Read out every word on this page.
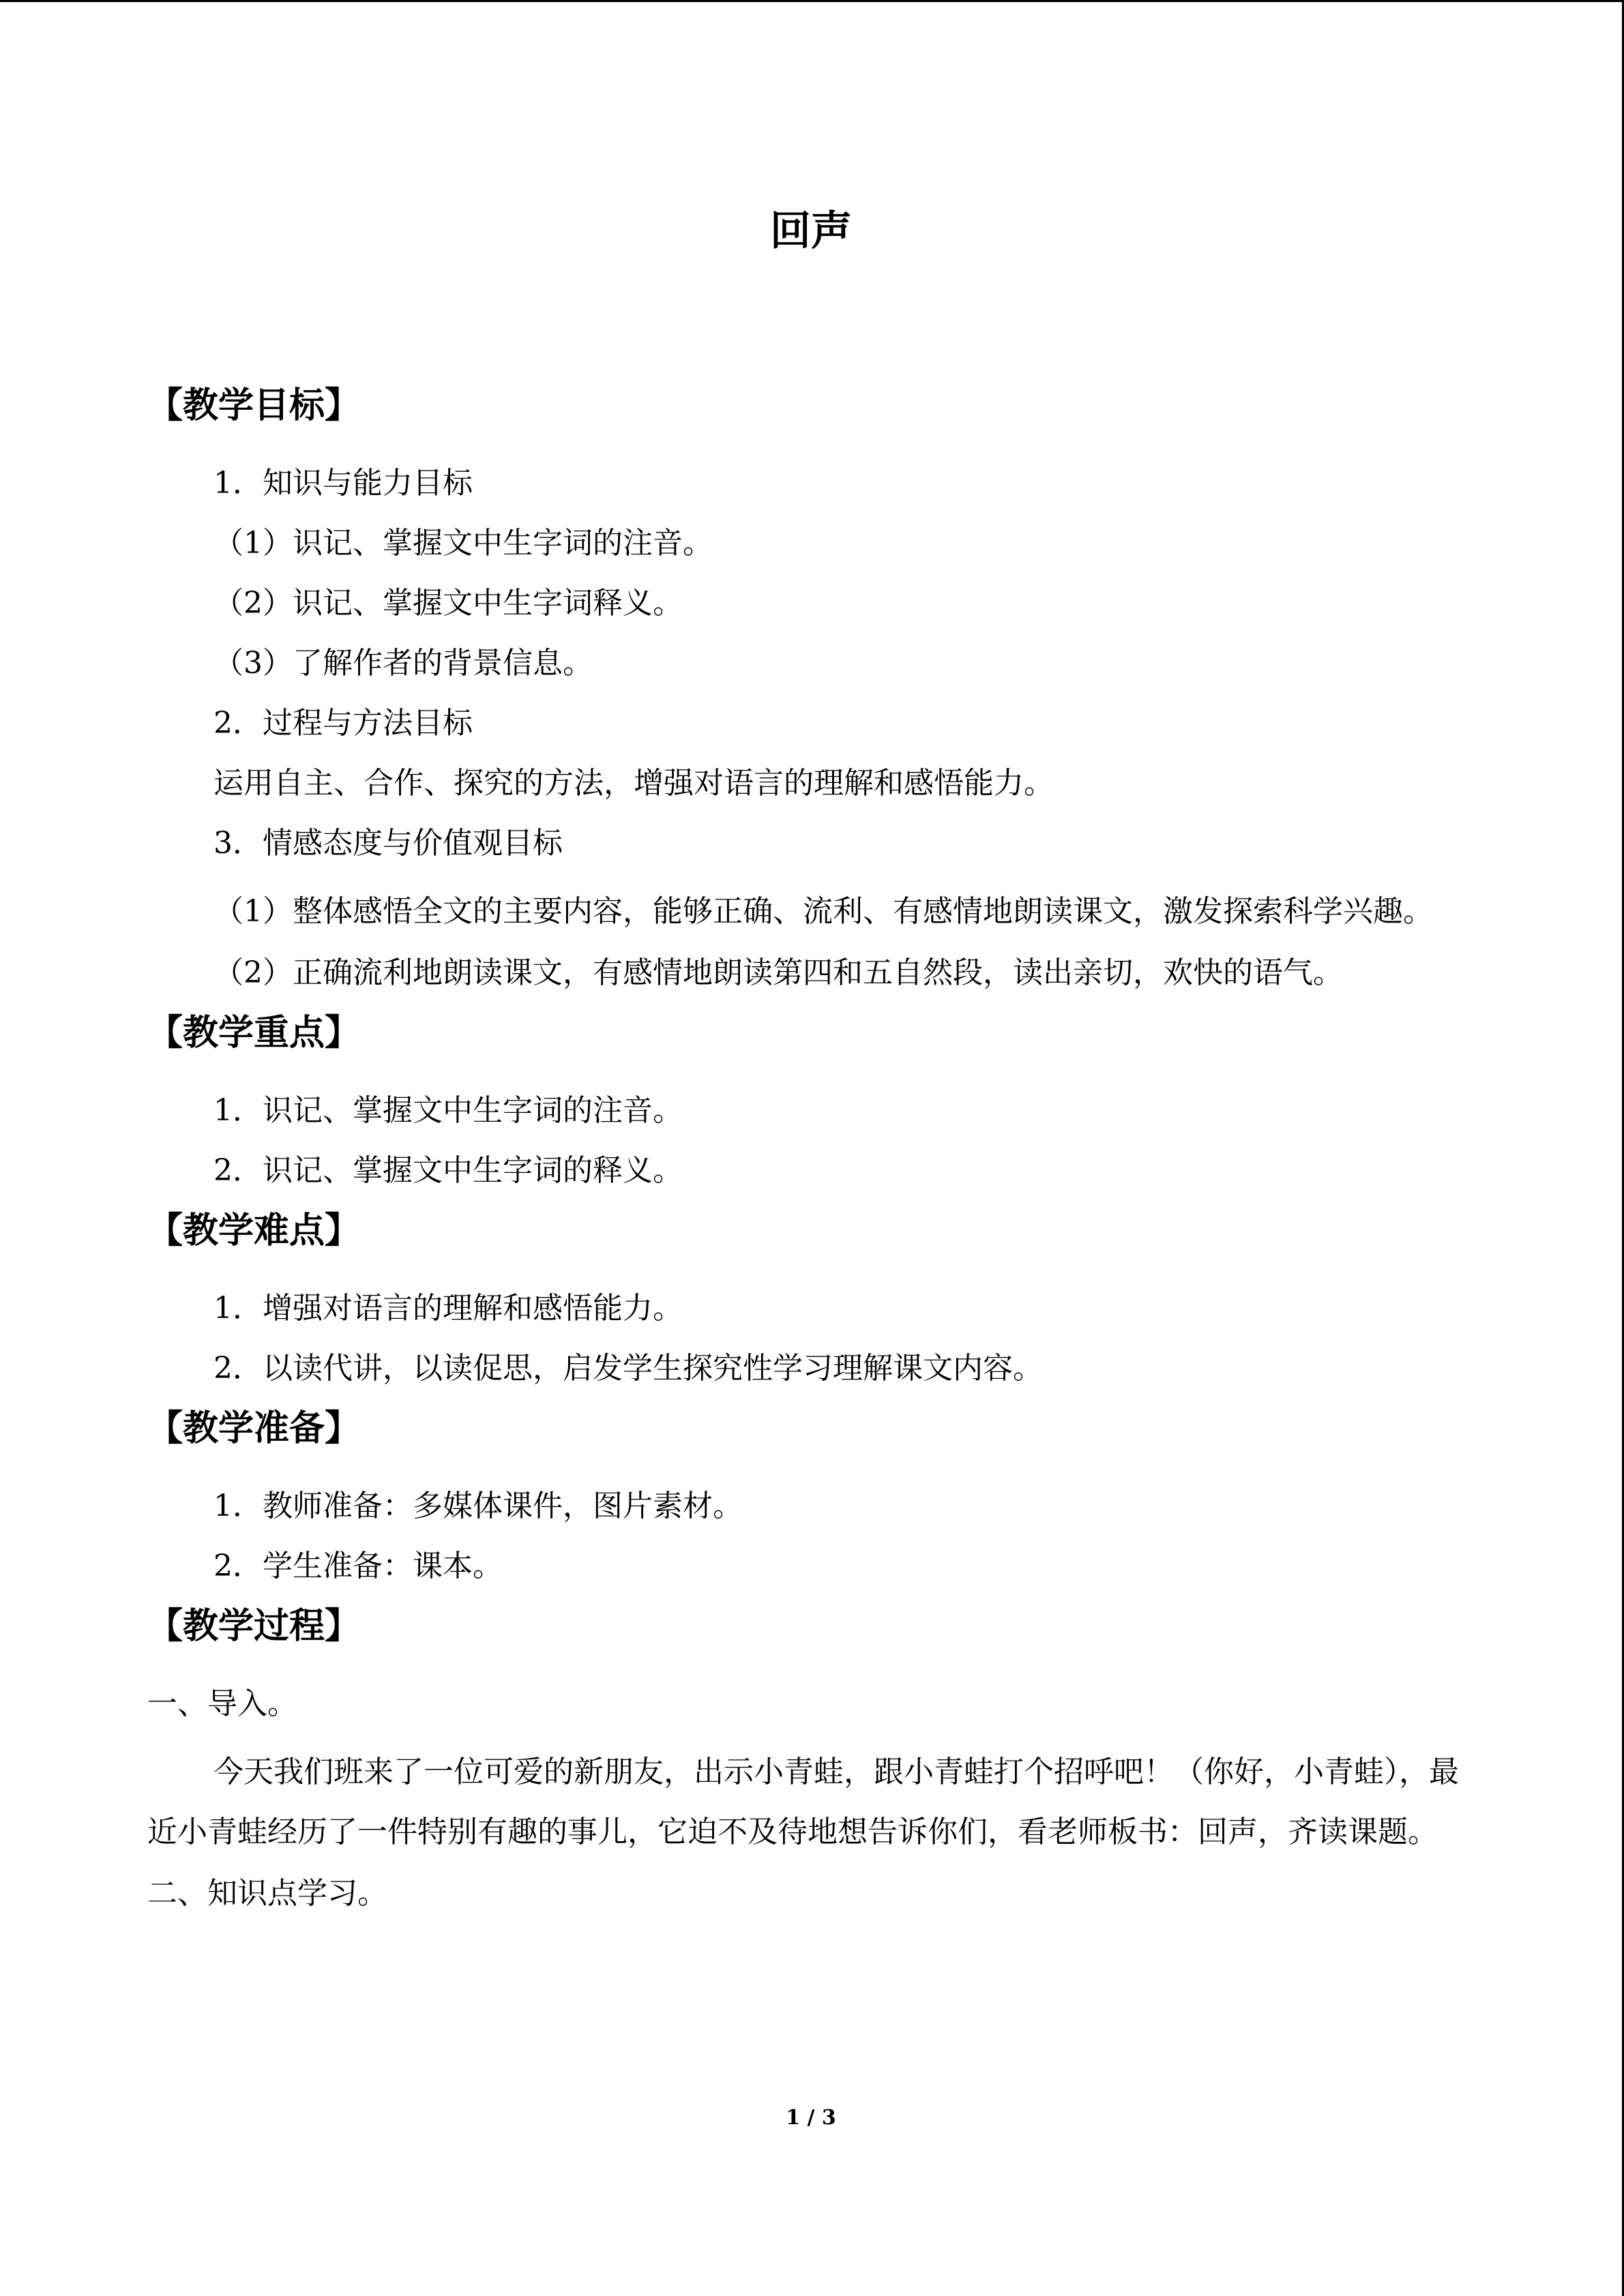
回声
【教学目标】
1．知识与能力目标
（1）识记、掌握文中生字词的注音。
（2）识记、掌握文中生字词释义。
（3）了解作者的背景信息。
2．过程与方法目标
运用自主、合作、探究的方法，增强对语言的理解和感悟能力。
3．情感态度与价值观目标
（1）整体感悟全文的主要内容，能够正确、流利、有感情地朗读课文，激发探索科学兴趣。
（2）正确流利地朗读课文，有感情地朗读第四和五自然段，读出亲切，欢快的语气。
【教学重点】
1．识记、掌握文中生字词的注音。
2．识记、掌握文中生字词的释义。
【教学难点】
1．增强对语言的理解和感悟能力。
2．以读代讲，以读促思，启发学生探究性学习理解课文内容。
【教学准备】
1．教师准备：多媒体课件，图片素材。
2．学生准备：课本。
【教学过程】
一、导入。
今天我们班来了一位可爱的新朋友，出示小青蛙，跟小青蛙打个招呼吧！（你好，小青蛙），最近小青蛙经历了一件特别有趣的事儿，它迫不及待地想告诉你们，看老师板书：回声，齐读课题。
二、知识点学习。
1 / 3
